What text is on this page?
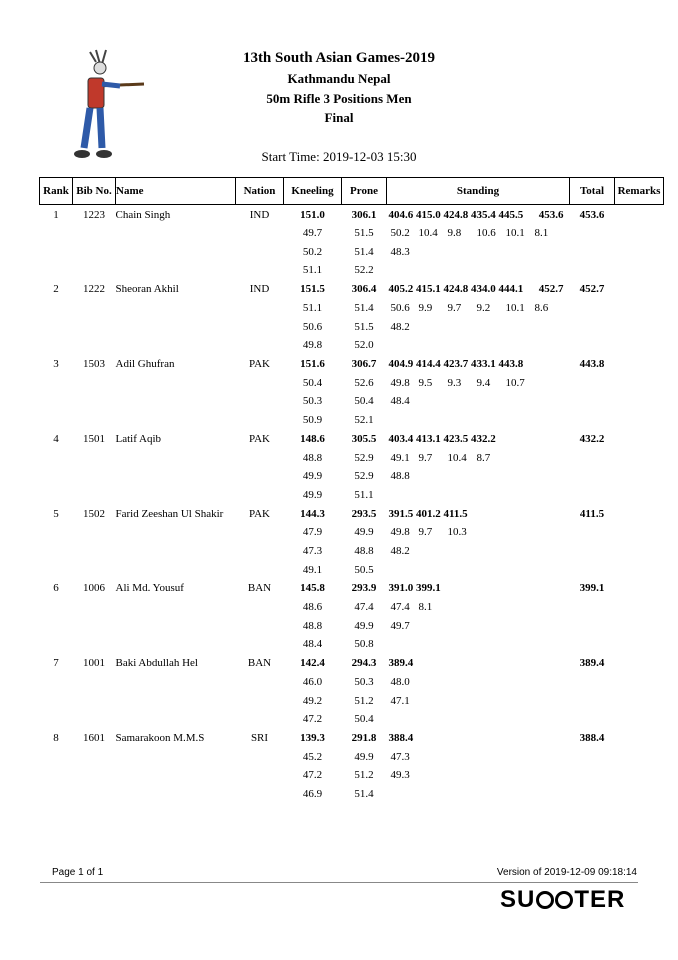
13th South Asian Games-2019
Kathmandu Nepal
50m Rifle 3 Positions Men
Final
Start Time: 2019-12-03 15:30
Rank	Bib No.	Name	Nation	Kneeling	Prone	Standing	Total	Remarks
1	1223	Chain Singh	IND	151.0	306.1	404.6 415.0 424.8 435.4 445.5 453.6	453.6	
				49.7	51.5	50.2 10.4 9.8 10.6 10.1 8.1		
				50.2	51.4	48.3		
				51.1	52.2			
2	1222	Sheoran Akhil	IND	151.5	306.4	405.2 415.1 424.8 434.0 444.1 452.7	452.7	
				51.1	51.4	50.6 9.9 9.7 9.2 10.1 8.6		
				50.6	51.5	48.2		
				49.8	52.0			
3	1503	Adil Ghufran	PAK	151.6	306.7	404.9 414.4 423.7 433.1 443.8	443.8	
				50.4	52.6	49.8 9.5 9.3 9.4 10.7		
				50.3	50.4	48.4		
				50.9	52.1			
4	1501	Latif Aqib	PAK	148.6	305.5	403.4 413.1 423.5 432.2	432.2	
				48.8	52.9	49.1 9.7 10.4 8.7		
				49.9	52.9	48.8		
				49.9	51.1			
5	1502	Farid Zeeshan Ul Shakir	PAK	144.3	293.5	391.5 401.2 411.5	411.5	
				47.9	49.9	49.8 9.7 10.3		
				47.3	48.8	48.2		
				49.1	50.5			
6	1006	Ali Md. Yousuf	BAN	145.8	293.9	391.0 399.1	399.1	
				48.6	47.4	47.4 8.1		
				48.8	49.9	49.7		
				48.4	50.8			
7	1001	Baki Abdullah Hel	BAN	142.4	294.3	389.4	389.4	
				46.0	50.3	48.0		
				49.2	51.2	47.1		
				47.2	50.4			
8	1601	Samarakoon M.M.S	SRI	139.3	291.8	388.4	388.4	
				45.2	49.9	47.3		
				47.2	51.2	49.3		
				46.9	51.4			
Page 1 of 1	Version of 2019-12-09 09:18:14
SU TER
